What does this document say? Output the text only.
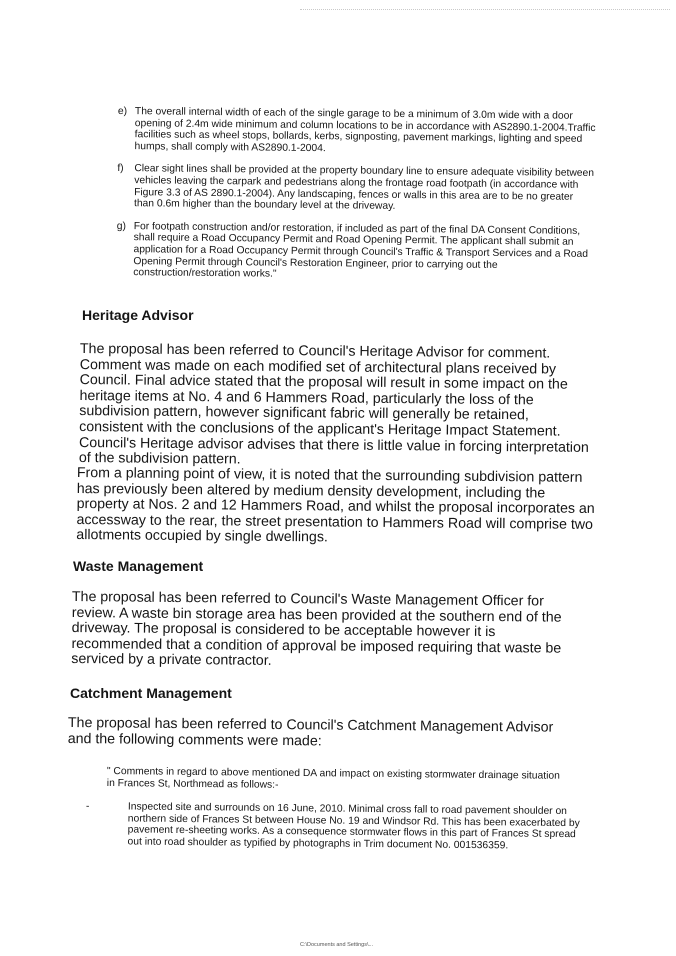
e) The overall internal width of each of the single garage to be a minimum of 3.0m wide with a door opening of 2.4m wide minimum and column locations to be in accordance with AS2890.1-2004.Traffic facilities such as wheel stops, bollards, kerbs, signposting, pavement markings, lighting and speed humps, shall comply with AS2890.1-2004.
f)	Clear sight lines shall be provided at the property boundary line to ensure adequate visibility between vehicles leaving the carpark and pedestrians along the frontage road footpath (in accordance with Figure 3.3 of AS 2890.1-2004). Any landscaping, fences or walls in this area are to be no greater than 0.6m higher than the boundary level at the driveway.
g) For footpath construction and/or restoration, if included as part of the final DA Consent Conditions, shall require a Road Occupancy Permit and Road Opening Permit. The applicant shall submit an application for a Road Occupancy Permit through Council's Traffic & Transport Services and a Road Opening Permit through Council's Restoration Engineer, prior to carrying out the construction/restoration works."
Heritage Advisor

The proposal has been referred to Council's Heritage Advisor for comment. Comment was made on each modified set of architectural plans received by Council. Final advice stated that the proposal will result in some impact on the heritage items at No. 4 and 6 Hammers Road, particularly the loss of the subdivision pattern, however significant fabric will generally be retained, consistent with the conclusions of the applicant's Heritage Impact Statement. Council's Heritage advisor advises that there is little value in forcing interpretation of the subdivision pattern.

From a planning point of view, it is noted that the surrounding subdivision pattern has previously been altered by medium density development, including the property at Nos. 2 and 12 Hammers Road, and whilst the proposal incorporates an accessway to the rear, the street presentation to Hammers Road will comprise two allotments occupied by single dwellings.

Waste Management

The proposal has been referred to Council's Waste Management Officer for review. A waste bin storage area has been provided at the southern end of the driveway. The proposal is considered to be acceptable however it is recommended that a condition of approval be imposed requiring that waste be serviced by a private contractor.

Catchment Management

The proposal has been referred to Council's Catchment Management Advisor and the following comments were made:

" Comments in regard to above mentioned DA and impact on existing stormwater drainage situation in Frances St, Northmead as follows:-

-	Inspected site and surrounds on 16 June, 2010. Minimal cross fall to road pavement shoulder on northern side of Frances St between House No. 19 and Windsor Rd. This has been exacerbated by pavement re-sheeting works. As a consequence stormwater flows in this part of Frances St spread out into road shoulder as typified by photographs in Trim document No. 001536359.
C:\Documents and Settings\...
